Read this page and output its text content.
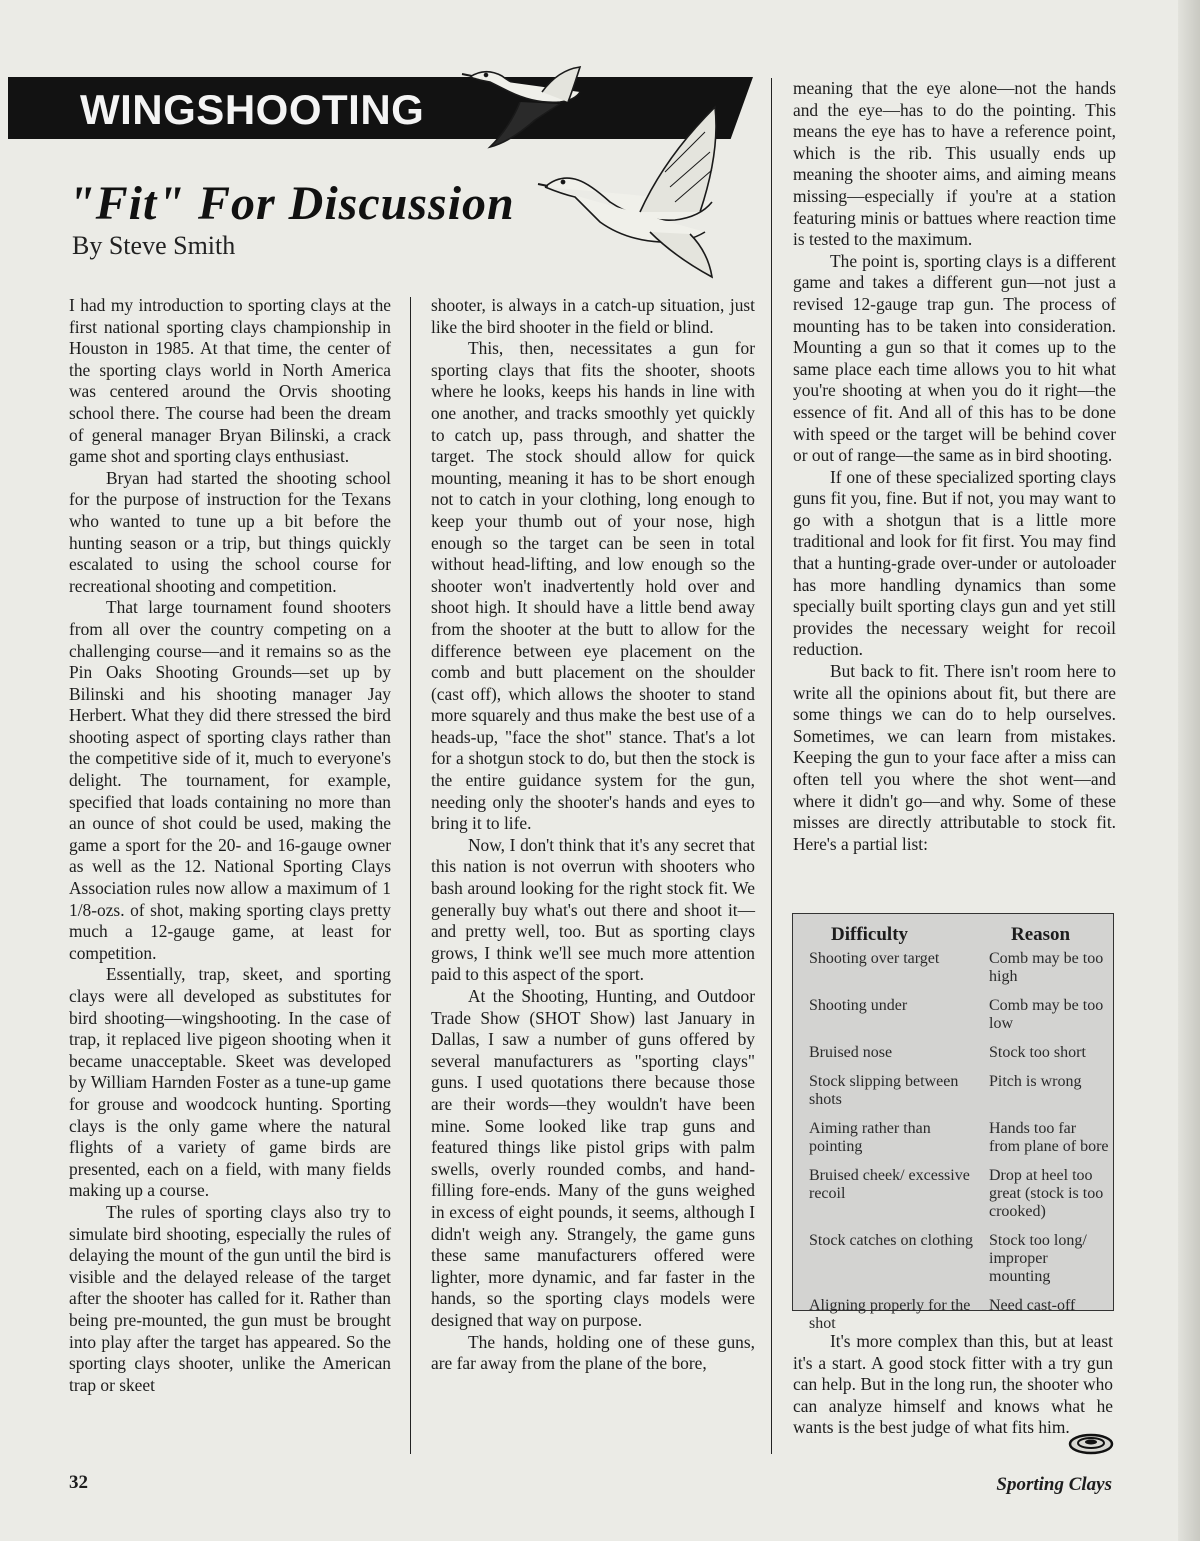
WINGSHOOTING
"Fit" For Discussion
By Steve Smith

I had my introduction to sporting clays at the first national sporting clays championship in Houston in 1985. At that time, the center of the sporting clays world in North America was centered around the Orvis shooting school there. The course had been the dream of general manager Bryan Bilinski, a crack game shot and sporting clays enthusiast.

Bryan had started the shooting school for the purpose of instruction for the Texans who wanted to tune up a bit before the hunting season or a trip, but things quickly escalated to using the school course for recreational shooting and competition.

That large tournament found shooters from all over the country competing on a challenging course—and it remains so as the Pin Oaks Shooting Grounds—set up by Bilinski and his shooting manager Jay Herbert. What they did there stressed the bird shooting aspect of sporting clays rather than the competitive side of it, much to everyone's delight. The tournament, for example, specified that loads containing no more than an ounce of shot could be used, making the game a sport for the 20- and 16-gauge owner as well as the 12. National Sporting Clays Association rules now allow a maximum of 1 1/8-ozs. of shot, making sporting clays pretty much a 12-gauge game, at least for competition.

Essentially, trap, skeet, and sporting clays were all developed as substitutes for bird shooting—wingshooting. In the case of trap, it replaced live pigeon shooting when it became unacceptable. Skeet was developed by William Harnden Foster as a tune-up game for grouse and woodcock hunting. Sporting clays is the only game where the natural flights of a variety of game birds are presented, each on a field, with many fields making up a course.

The rules of sporting clays also try to simulate bird shooting, especially the rules of delaying the mount of the gun until the bird is visible and the delayed release of the target after the shooter has called for it. Rather than being pre-mounted, the gun must be brought into play after the target has appeared. So the sporting clays shooter, unlike the American trap or skeet

shooter, is always in a catch-up situation, just like the bird shooter in the field or blind.

This, then, necessitates a gun for sporting clays that fits the shooter, shoots where he looks, keeps his hands in line with one another, and tracks smoothly yet quickly to catch up, pass through, and shatter the target. The stock should allow for quick mounting, meaning it has to be short enough not to catch in your clothing, long enough to keep your thumb out of your nose, high enough so the target can be seen in total without head-lifting, and low enough so the shooter won't inadvertently hold over and shoot high. It should have a little bend away from the shooter at the butt to allow for the difference between eye placement on the comb and butt placement on the shoulder (cast off), which allows the shooter to stand more squarely and thus make the best use of a heads-up, "face the shot" stance. That's a lot for a shotgun stock to do, but then the stock is the entire guidance system for the gun, needing only the shooter's hands and eyes to bring it to life.

Now, I don't think that it's any secret that this nation is not overrun with shooters who bash around looking for the right stock fit. We generally buy what's out there and shoot it—and pretty well, too. But as sporting clays grows, I think we'll see much more attention paid to this aspect of the sport.

At the Shooting, Hunting, and Outdoor Trade Show (SHOT Show) last January in Dallas, I saw a number of guns offered by several manufacturers as "sporting clays" guns. I used quotations there because those are their words—they wouldn't have been mine. Some looked like trap guns and featured things like pistol grips with palm swells, overly rounded combs, and hand-filling fore-ends. Many of the guns weighed in excess of eight pounds, it seems, although I didn't weigh any. Strangely, the game guns these same manufacturers offered were lighter, more dynamic, and far faster in the hands, so the sporting clays models were designed that way on purpose.

The hands, holding one of these guns, are far away from the plane of the bore,

meaning that the eye alone—not the hands and the eye—has to do the pointing. This means the eye has to have a reference point, which is the rib. This usually ends up meaning the shooter aims, and aiming means missing—especially if you're at a station featuring minis or battues where reaction time is tested to the maximum.

The point is, sporting clays is a different game and takes a different gun—not just a revised 12-gauge trap gun. The process of mounting has to be taken into consideration. Mounting a gun so that it comes up to the same place each time allows you to hit what you're shooting at when you do it right—the essence of fit. And all of this has to be done with speed or the target will be behind cover or out of range—the same as in bird shooting.

If one of these specialized sporting clays guns fit you, fine. But if not, you may want to go with a shotgun that is a little more traditional and look for fit first. You may find that a hunting-grade over-under or autoloader has more handling dynamics than some specially built sporting clays gun and yet still provides the necessary weight for recoil reduction.

But back to fit. There isn't room here to write all the opinions about fit, but there are some things we can do to help ourselves. Sometimes, we can learn from mistakes. Keeping the gun to your face after a miss can often tell you where the shot went—and where it didn't go—and why. Some of these misses are directly attributable to stock fit. Here's a partial list:

Difficulty	Reason
Shooting over target	Comb may be too high
Shooting under	Comb may be too low
Bruised nose	Stock too short
Stock slipping between shots	Pitch is wrong
Aiming rather than pointing	Hands too far from plane of bore
Bruised cheek/ excessive recoil	Drop at heel too great (stock is too crooked)
Stock catches on clothing	Stock too long/ improper mounting
Aligning properly for the shot	Need cast-off

It's more complex than this, but at least it's a start. A good stock fitter with a try gun can help. But in the long run, the shooter who can analyze himself and knows what he wants is the best judge of what fits him.

32	Sporting Clays
